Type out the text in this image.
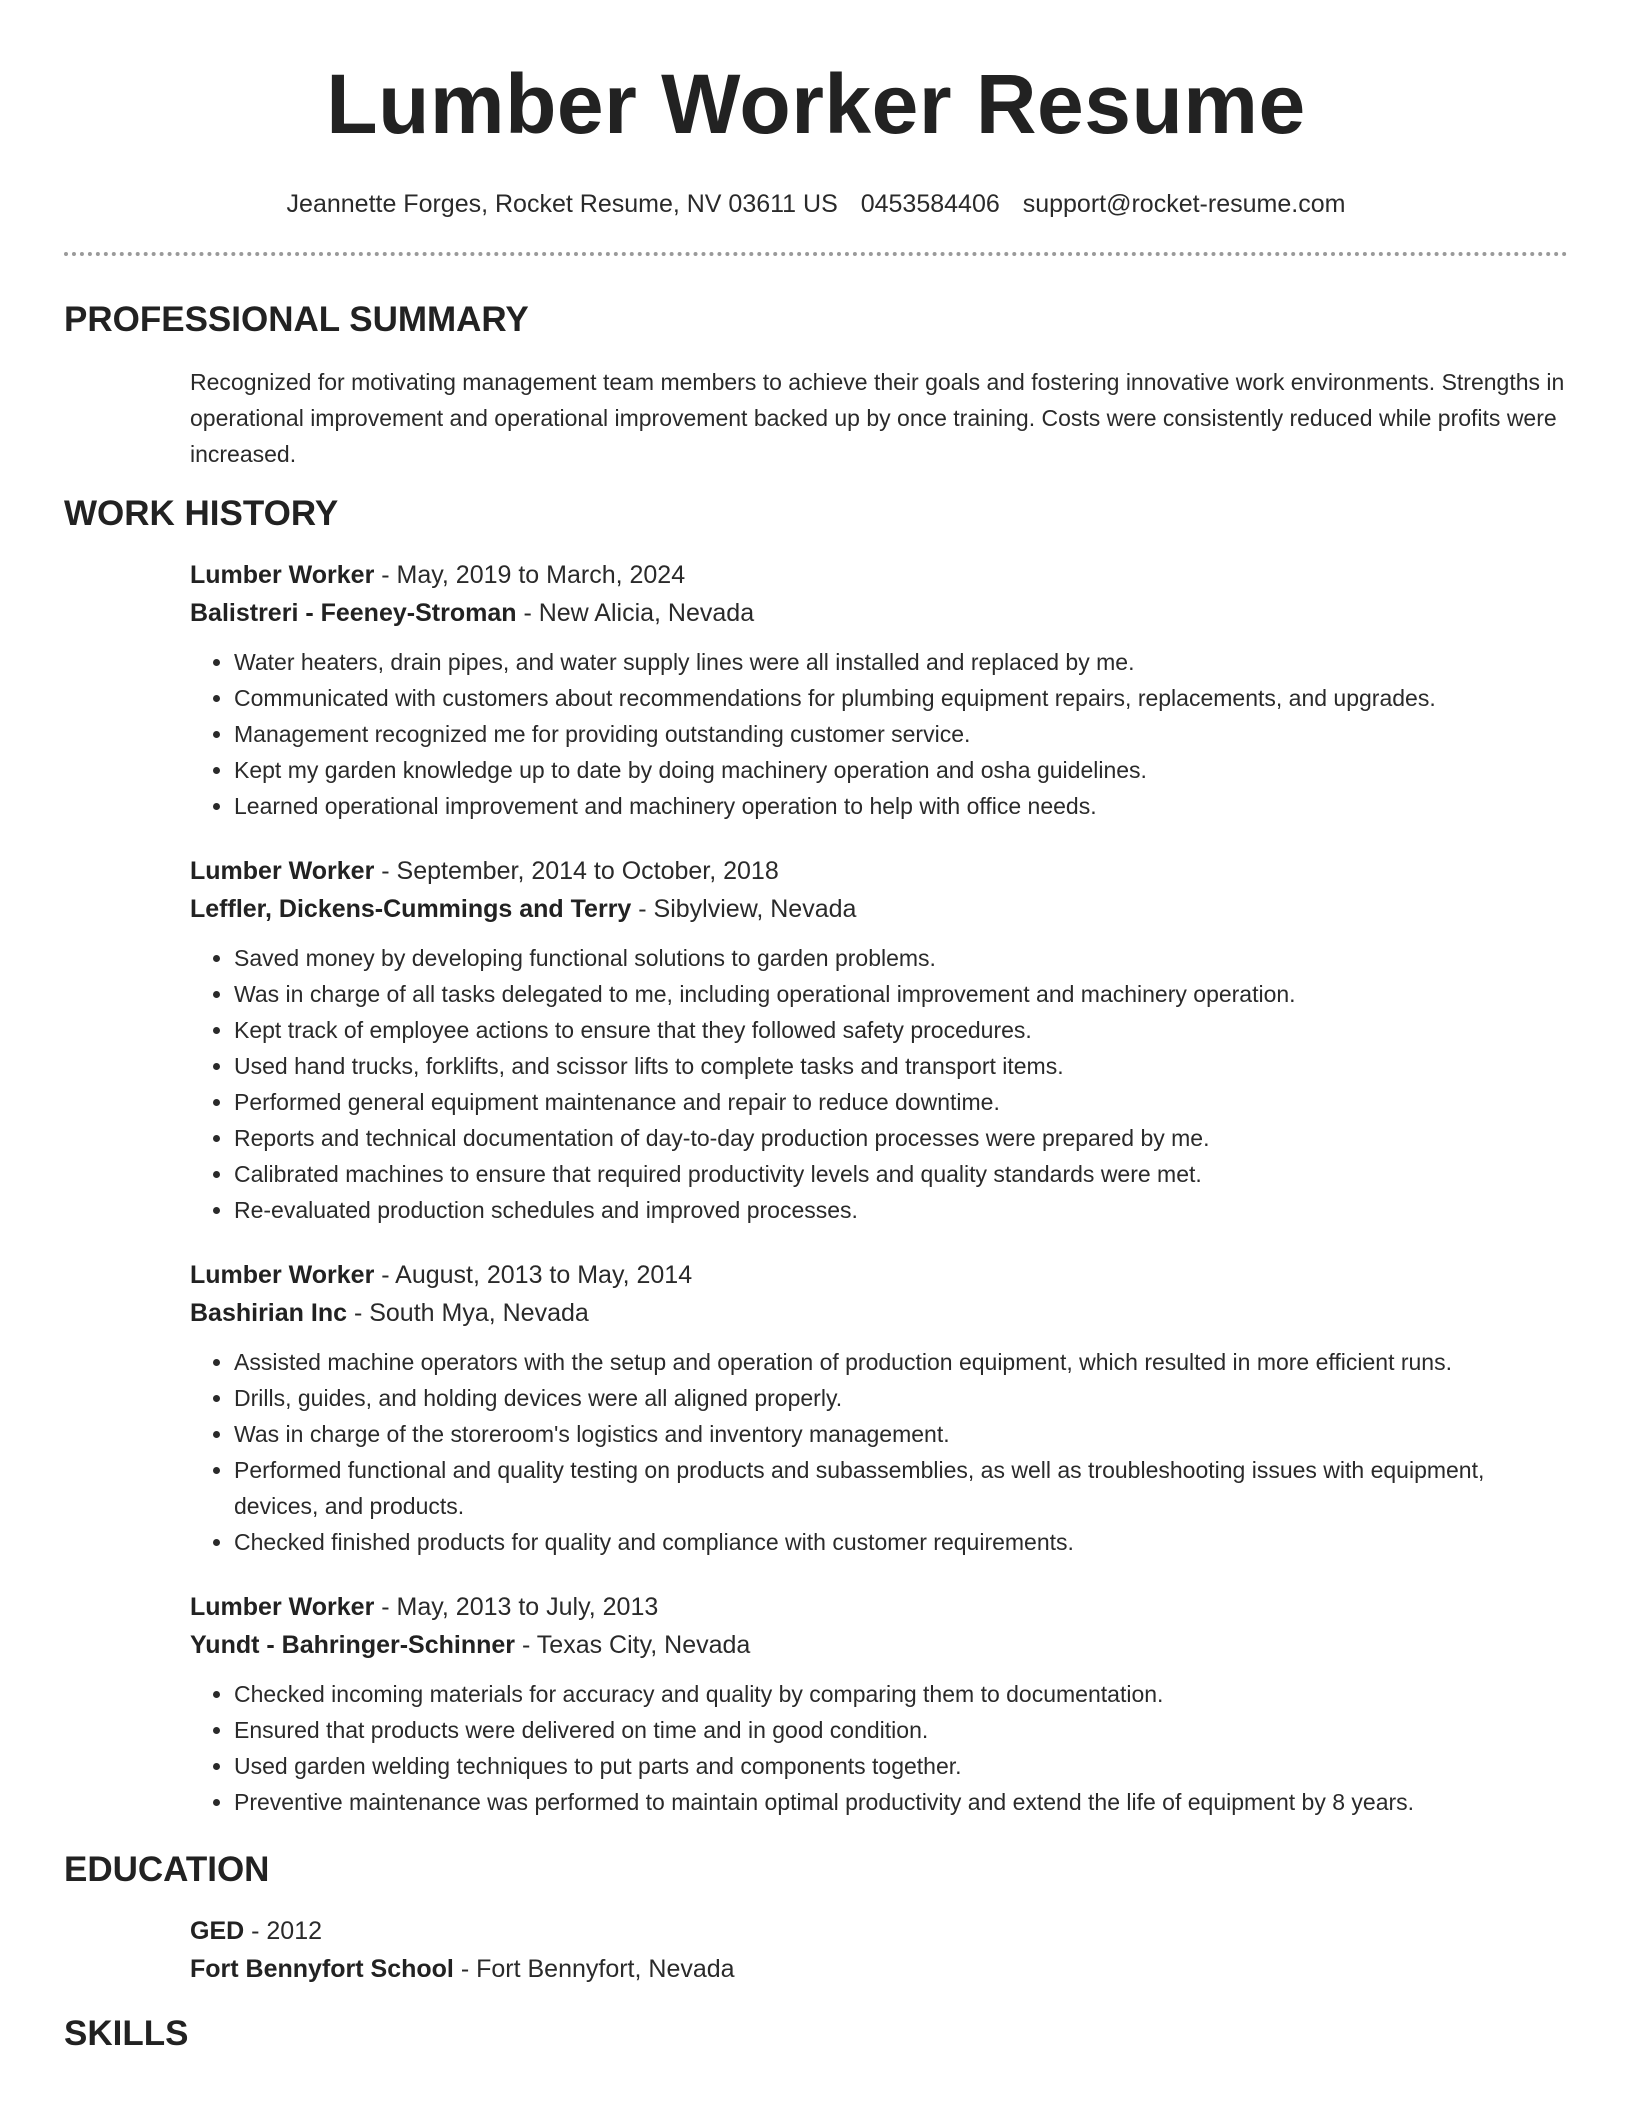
Lumber Worker Resume
Jeannette Forges, Rocket Resume, NV 03611 US 0453584406 support@rocket-resume.com
PROFESSIONAL SUMMARY

Recognized for motivating management team members to achieve their goals and fostering innovative work environments. Strengths in operational improvement and operational improvement backed up by once training. Costs were consistently reduced while profits were increased.

WORK HISTORY
Lumber Worker - May, 2019 to March, 2024
Balistreri - Feeney-Stroman - New Alicia, Nevada
• Water heaters, drain pipes, and water supply lines were all installed and replaced by me.
• Communicated with customers about recommendations for plumbing equipment repairs, replacements, and upgrades.
• Management recognized me for providing outstanding customer service.
• Kept my garden knowledge up to date by doing machinery operation and osha guidelines.
• Learned operational improvement and machinery operation to help with office needs.
Lumber Worker - September, 2014 to October, 2018
Leffler, Dickens-Cummings and Terry - Sibylview, Nevada
• Saved money by developing functional solutions to garden problems.
• Was in charge of all tasks delegated to me, including operational improvement and machinery operation.
• Kept track of employee actions to ensure that they followed safety procedures.
• Used hand trucks, forklifts, and scissor lifts to complete tasks and transport items.
• Performed general equipment maintenance and repair to reduce downtime.
• Reports and technical documentation of day-to-day production processes were prepared by me.
• Calibrated machines to ensure that required productivity levels and quality standards were met.
• Re-evaluated production schedules and improved processes.
Lumber Worker - August, 2013 to May, 2014
Bashirian Inc - South Mya, Nevada
• Assisted machine operators with the setup and operation of production equipment, which resulted in more efficient runs.
• Drills, guides, and holding devices were all aligned properly.
• Was in charge of the storeroom's logistics and inventory management.
• Performed functional and quality testing on products and subassemblies, as well as troubleshooting issues with equipment, devices, and products.
• Checked finished products for quality and compliance with customer requirements.
Lumber Worker - May, 2013 to July, 2013
Yundt - Bahringer-Schinner - Texas City, Nevada
• Checked incoming materials for accuracy and quality by comparing them to documentation.
• Ensured that products were delivered on time and in good condition.
• Used garden welding techniques to put parts and components together.
• Preventive maintenance was performed to maintain optimal productivity and extend the life of equipment by 8 years.
EDUCATION
GED - 2012
Fort Bennyfort School - Fort Bennyfort, Nevada
SKILLS
